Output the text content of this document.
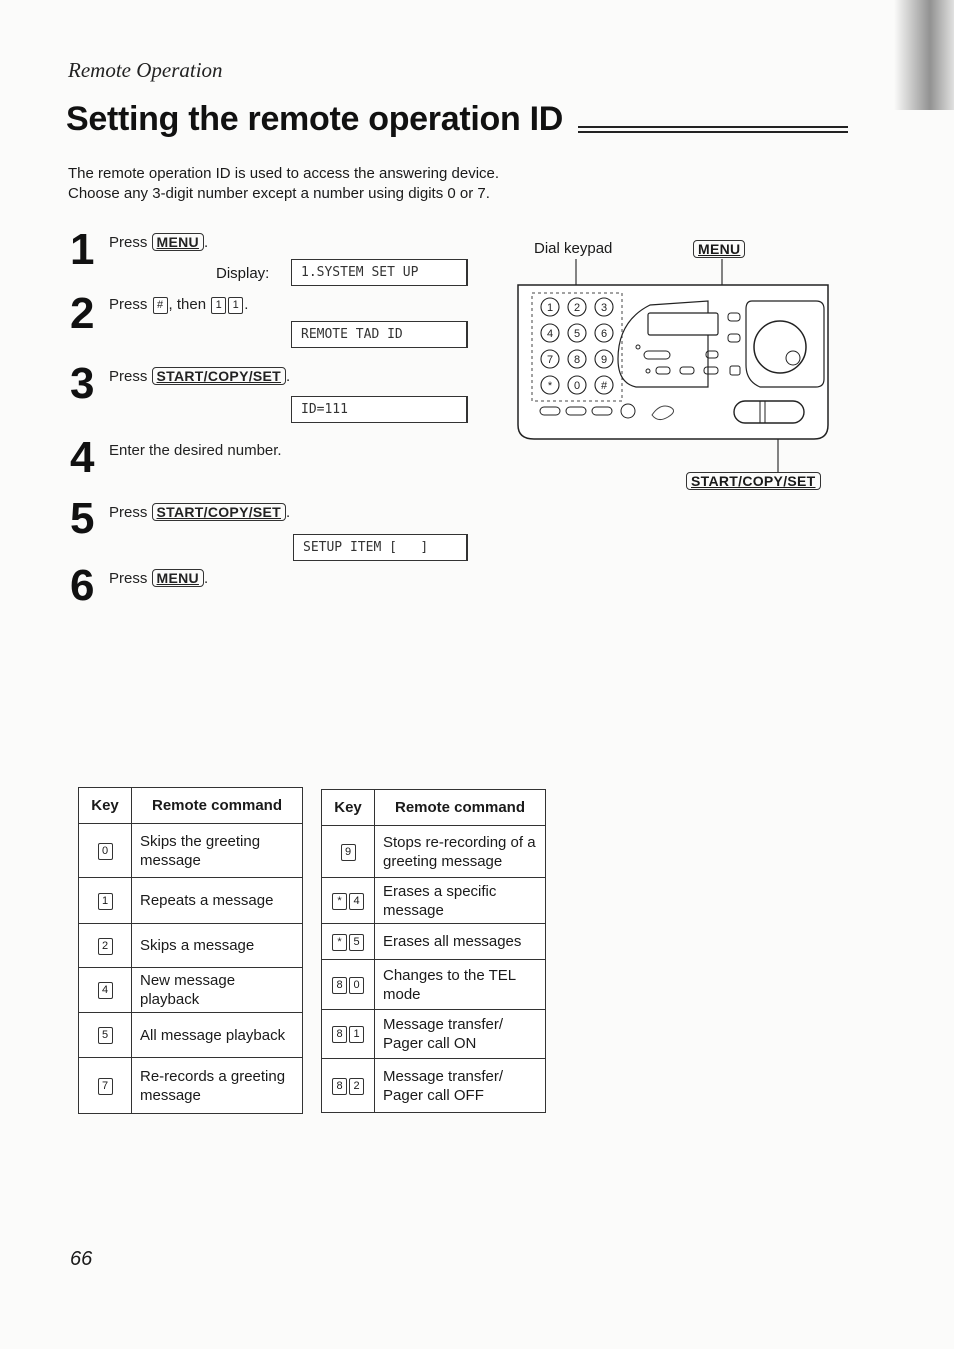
Remote Operation
Setting the remote operation ID
The remote operation ID is used to access the answering device.
Choose any 3-digit number except a number using digits 0 or 7.
1 Press MENU .
Display:	1.SYSTEM SET UP
2 Press # , then 1 1 .
REMOTE TAD ID
3 Press START/COPY/SET .
ID=111
4 Enter the desired number.
5 Press START/COPY/SET .
SETUP ITEM [   ]
6 Press MENU .
Dial keypad	MENU
START/COPY/SET
1 2 3
4 5 6
7 8 9
* 0 #
Key	Remote command
0	Skips the greeting message
1	Repeats a message
2	Skips a message
4	New message playback
5	All message playback
7	Re-records a greeting message
Key	Remote command
9	Stops re-recording of a greeting message
* 4	Erases a specific message
* 5	Erases all messages
8 0	Changes to the TEL mode
8 1	Message transfer/ Pager call ON
8 2	Message transfer/ Pager call OFF
66
